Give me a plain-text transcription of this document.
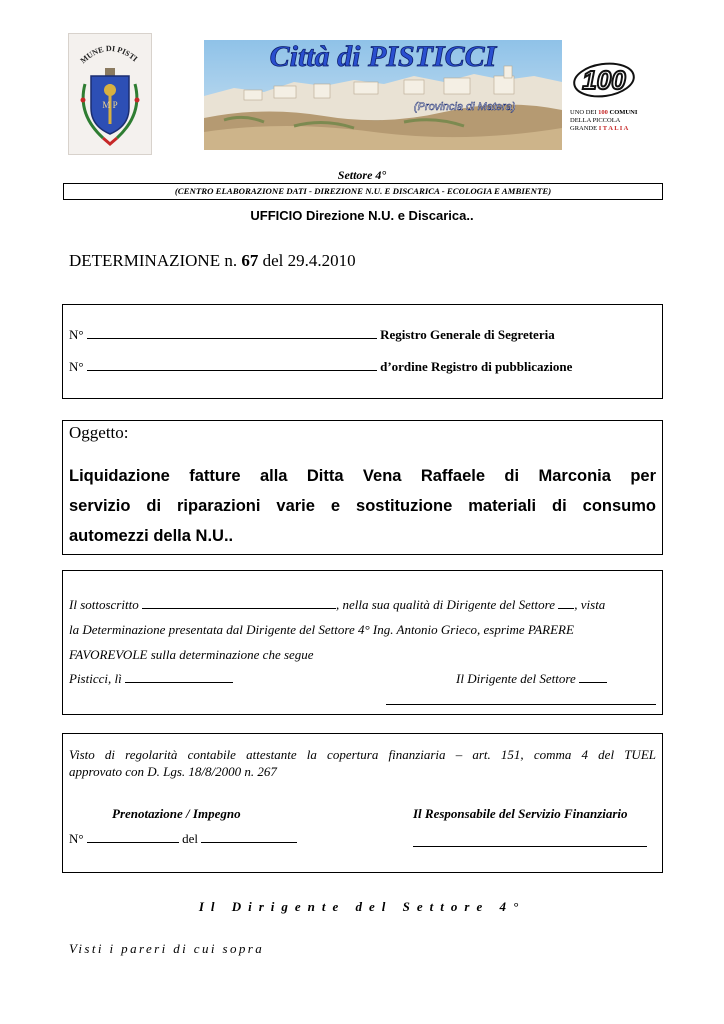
MUNE DI PISTI
M P
Città di PISTICCI
(Provincia di Matera)
100
UNO DEI 100 COMUNI
DELLA PICCOLA
GRANDE I T A L I A
Settore 4°
(CENTRO ELABORAZIONE DATI - DIREZIONE N.U. E DISCARICA - ECOLOGIA E AMBIENTE)
UFFICIO Direzione N.U. e Discarica..
DETERMINAZIONE n. 67 del 29.4.2010
N°	Registro Generale di Segreteria
N°	d’ordine Registro di pubblicazione
Oggetto:
Liquidazione fatture alla Ditta Vena Raffaele di Marconia per
servizio di riparazioni varie e sostituzione materiali di consumo
automezzi della N.U..
Il sottoscritto	, nella sua qualità di Dirigente del Settore , vista
la Determinazione presentata dal Dirigente del Settore 4° Ing. Antonio Grieco, esprime PARERE
FAVOREVOLE sulla determinazione che segue
Pisticci, lì	Il Dirigente del Settore
Visto di regolarità contabile attestante la copertura finanziaria – art. 151, comma 4 del TUEL
approvato con D. Lgs. 18/8/2000 n. 267
Prenotazione / Impegno	Il Responsabile del Servizio Finanziario
N°	del
Il Dirigente del Settore 4°
Visti i pareri di cui sopra
